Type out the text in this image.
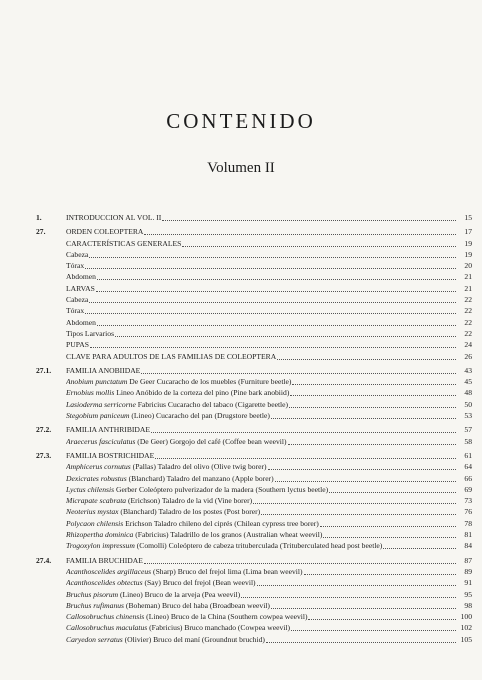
CONTENIDO
Volumen II
1.	INTRODUCCION AL VOL. II	15
27.	ORDEN COLEOPTERA	17
CARACTERÍSTICAS GENERALES	19
Cabeza	19
Tórax	20
Abdomen	21
LARVAS	21
Cabeza	22
Tórax	22
Abdomen	22
Tipos Larvarios	22
PUPAS	24
CLAVE PARA ADULTOS DE LAS FAMILIAS DE COLEOPTERA	26
27.1.	FAMILIA ANOBIIDAE	43
Anobium punctatum De Geer Cucaracho de los muebles (Furniture beetle)	45
Ernobius mollis Lineo Anóbido de la corteza del pino (Pine bark anobiid)	48
Lasioderma serricorne Fabricius Cucaracho del tabaco (Cigarette beetle)	50
Stegobium paniceum (Lineo) Cucaracho del pan (Drugstore beetle)	53
27.2.	FAMILIA ANTHRIBIDAE	57
Araecerus fasciculatus (De Geer) Gorgojo del café (Coffee bean weevil)	58
27.3.	FAMILIA BOSTRICHIDAE	61
Amphicerus cornutus (Pallas) Taladro del olivo (Olive twig borer)	64
Dexicrates robustus (Blanchard) Taladro del manzano (Apple borer)	66
Lyctus chilensis Gerber Coleóptero pulverizador de la madera (Southern lyctus beetle)	69
Micrapate scabrata (Erichson) Taladro de la vid (Vine borer)	73
Neoterius mystax (Blanchard) Taladro de los postes (Post borer)	76
Polycaon chilensis Erichson Taladro chileno del ciprés (Chilean cypress tree borer)	78
Rhizopertha dominica (Fabricius) Taladrillo de los granos (Australian wheat weevil)	81
Trogoxylon impressum (Comolli) Coleóptero de cabeza trituberculada (Trituberculated head post beetle)	84
27.4.	FAMILIA BRUCHIDAE	87
Acanthoscelides argillaceus (Sharp) Bruco del frejol lima (Lima bean weevil)	89
Acanthoscelides obtectus (Say) Bruco del frejol (Bean weevil)	91
Bruchus pisorum (Lineo) Bruco de la arveja (Pea weevil)	95
Bruchus rufimanus (Boheman) Bruco del haba (Broadbean weevil)	98
Callosobruchus chinensis (Lineo) Bruco de la China (Southern cowpea weevil)	100
Callosobruchus maculatus (Fabricius) Bruco manchado (Cowpea weevil)	102
Caryedon serratus (Olivier) Bruco del maní (Groundnut bruchid)	105
